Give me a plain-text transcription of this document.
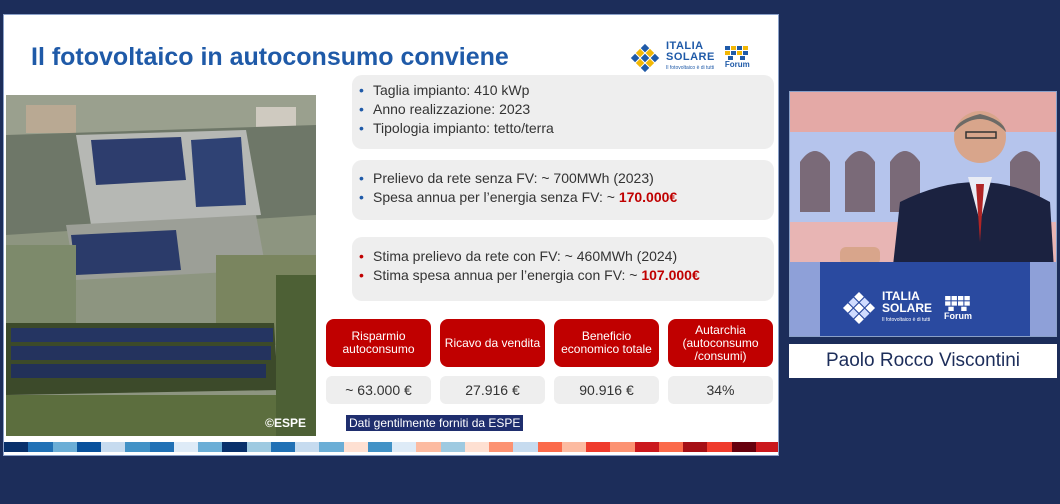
Il fotovoltaico in autoconsumo conviene	ITALIA
SOLARE
Il fotovoltaico è di tutti Forum
©ESPE
• Taglia impianto: 410 kWp
• Anno realizzazione: 2023
• Tipologia impianto: tetto/terra
• Prelievo da rete senza FV: ~ 700MWh (2023)
• Spesa annua per l’energia senza FV: ~ 170.000€
• Stima prelievo da rete con FV: ~ 460MWh (2024)
• Stima spesa annua per l’energia con FV: ~ 107.000€
Risparmio autoconsumo
~ 63.000 €
Ricavo da vendita
27.916 €
Beneficio economico totale
90.916 €
Autarchia (autoconsumo /consumi)
34%
Dati gentilmente forniti da ESPE
ITALIA
SOLARE
Il fotovoltaico è di tutti Forum
Paolo Rocco Viscontini
